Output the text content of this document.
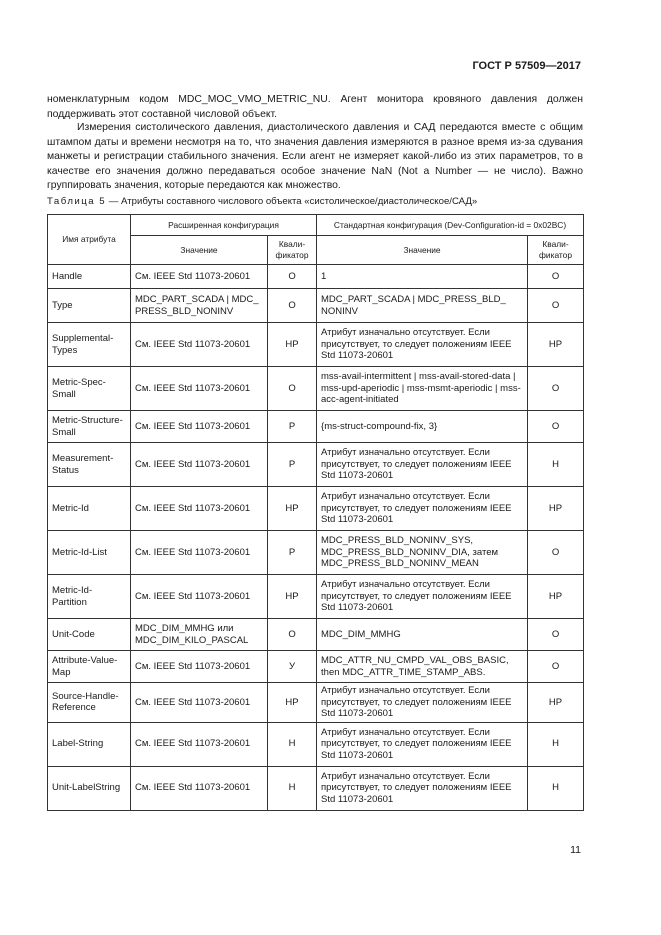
ГОСТ Р 57509—2017

номенклатурным кодом MDC_MOC_VMO_METRIC_NU. Агент монитора кровяного давления должен поддерживать этот составной числовой объект.

Измерения систолического давления, диастолического давления и САД передаются вместе с общим штампом даты и времени несмотря на то, что значения давления измеряются в разное время из-за сдувания манжеты и регистрации стабильного значения. Если агент не измеряет какой-либо из этих параметров, то в качестве его значения должно передаваться особое значение NaN (Not a Number — не число). Важно группировать значения, которые передаются как множество.

Таблица 5 — Атрибуты составного числового объекта «систолическое/диастолическое/САД»
Имя атрибута	Расширенная конфигурация		Стандартная конфигурация (Dev-Configuration-id = 0x02BC)	
	Значение	Квали-фикатор	Значение	Квали-фикатор
Handle	См. IEEE Std 11073-20601	O	1	O
Type	MDC_PART_SCADA | MDC_ PRESS_BLD_NONINV	O	MDC_PART_SCADA | MDC_PRESS_BLD_ NONINV	O
Supplemental-Types	См. IEEE Std 11073-20601	НР	Атрибут изначально отсутствует. Если присутствует, то следует положениям IEEE Std 11073-20601	НР
Metric-Spec-Small	См. IEEE Std 11073-20601	O	mss-avail-intermittent | mss-avail-stored-data | mss-upd-aperiodic | mss-msmt-aperiodic | mss-acc-agent-initiated	O
Metric-Structure-Small	См. IEEE Std 11073-20601	Р	{ms-struct-compound-fix, 3}	O
Measurement-Status	См. IEEE Std 11073-20601	Р	Атрибут изначально отсутствует. Если присутствует, то следует положениям IEEE Std 11073-20601	Н
Metric-Id	См. IEEE Std 11073-20601	НР	Атрибут изначально отсутствует. Если присутствует, то следует положениям IEEE Std 11073-20601	НР
Metric-Id-List	См. IEEE Std 11073-20601	Р	MDC_PRESS_BLD_NONINV_SYS, MDC_PRESS_BLD_NONINV_DIA, затем MDC_PRESS_BLD_NONINV_MEAN	O
Metric-Id-Partition	См. IEEE Std 11073-20601	НР	Атрибут изначально отсутствует. Если присутствует, то следует положениям IEEE Std 11073-20601	НР
Unit-Code	MDC_DIM_MMHG или MDC_DIM_KILO_PASCAL	O	MDC_DIM_MMHG	O
Attribute-Value-Map	См. IEEE Std 11073-20601	У	MDC_ATTR_NU_CMPD_VAL_OBS_BASIC, then MDC_ATTR_TIME_STAMP_ABS.	O
Source-Handle-Reference	См. IEEE Std 11073-20601	НР	Атрибут изначально отсутствует. Если присутствует, то следует положениям IEEE Std 11073-20601	НР
Label-String	См. IEEE Std 11073-20601	Н	Атрибут изначально отсутствует. Если присутствует, то следует положениям IEEE Std 11073-20601	Н
Unit-LabelString	См. IEEE Std 11073-20601	Н	Атрибут изначально отсутствует. Если присутствует, то следует положениям IEEE Std 11073-20601	Н
11
